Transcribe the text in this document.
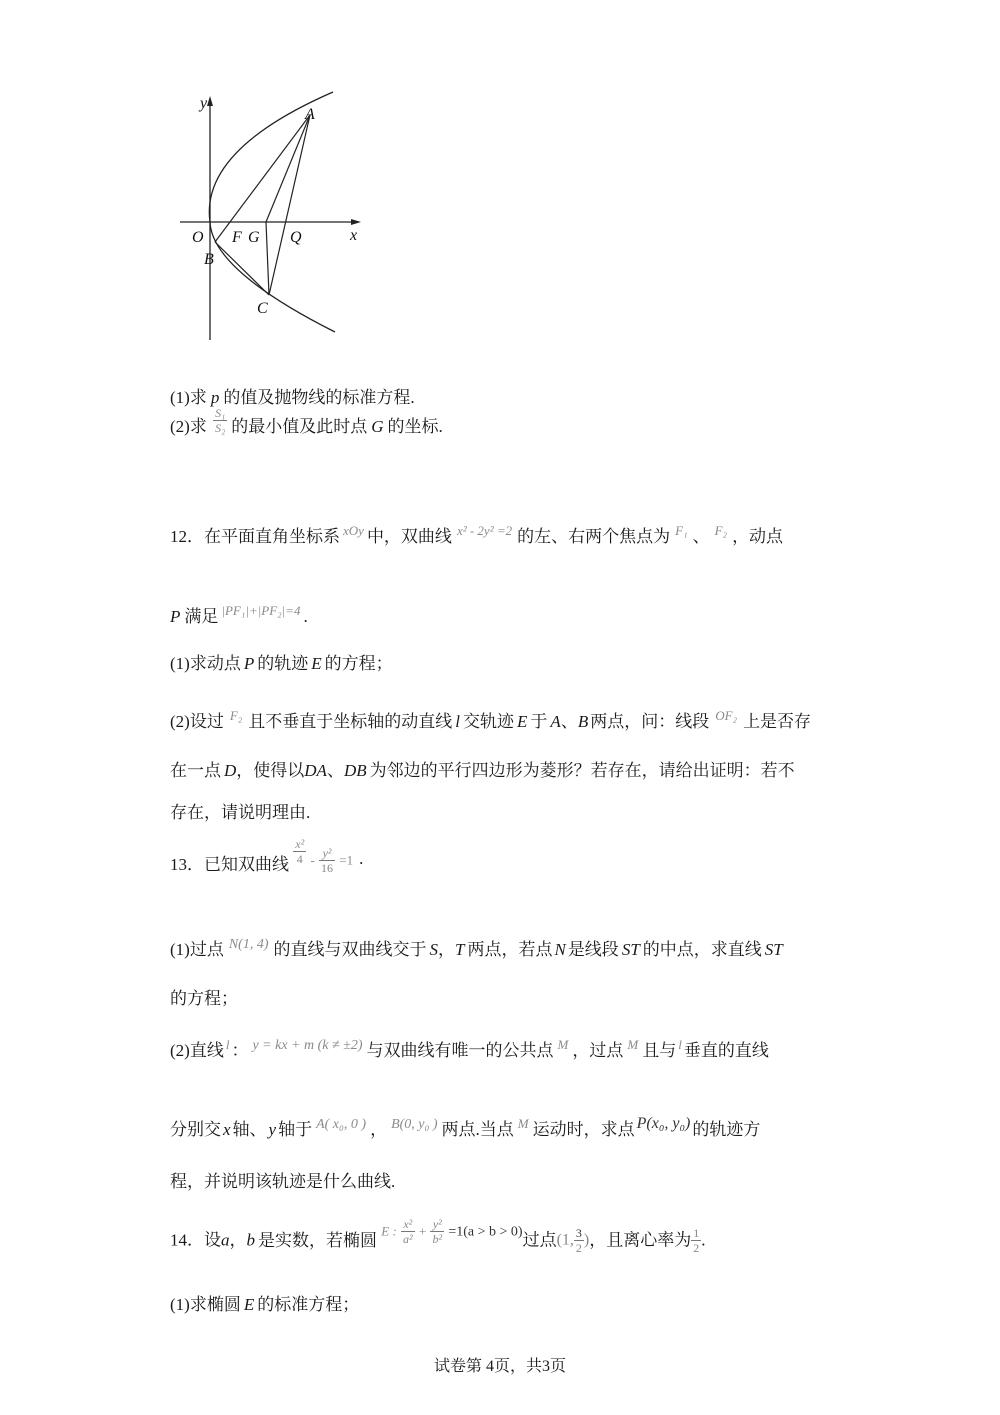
y
x
O F G Q
A
B
C
(1)求 p 的值及抛物线的标准方程.
(2)求 $\frac{\text{S₁}}{\text{S₂}}$ 的最小值及此时点 G 的坐标.
12．在平面直角坐标系 $^{xOy}$ 中，双曲线 $^{x^2 - 2y^2 =2}$ 的左、右两个焦点为 $^{F_1}$ 、 $^{F_2}$ ，动点
P 满足 $^{|PF_1|+|PF_2|=4}$ .
(1)求动点 P 的轨迹 E 的方程；
(2)设过 $^{F_2}$ 且不垂直于坐标轴的动直线 l 交轨迹 E 于 A、B 两点，问：线段 $^{OF_2}$ 上是否存
在一点 D，使得以DA、DB 为邻边的平行四边形为菱形？若存在，请给出证明：若不
存在，请说明理由.
13．已知双曲线 $\frac{\text{x²}}{4} - \frac{\text{y²}}{16} =1$ .
(1)过点 $^{N(1, 4)}$ 的直线与双曲线交于 S，T 两点，若点 N 是线段 ST 的中点，求直线 ST
的方程；
(2)直线 $^l$ ： $^{y = kx + m (k \ne \pm 2)}$ 与双曲线有唯一的公共点 $^M$ ，过点 $^M$ 且与 $^l$ 垂直的直线
分别交 x 轴、 y 轴于 $^{A( x_0, 0 )}$ ， $^{B(0, y_0 )}$ 两点.当点 $^M$ 运动时，求点 $^{P(x_0, y_0)}$ 的轨迹方
程，并说明该轨迹是什么曲线.
14．设a，b 是实数，若椭圆 E : $\frac{\text{x²}}{\text{a²}} + \frac{\text{y²}}{\text{b²}} =1(a > b > 0)$过点(1, $\frac{3}{2}$ )，且离心率为 $\frac{1}{2}$ .
(1)求椭圆 E 的标准方程；
试卷第 4页，共3页
